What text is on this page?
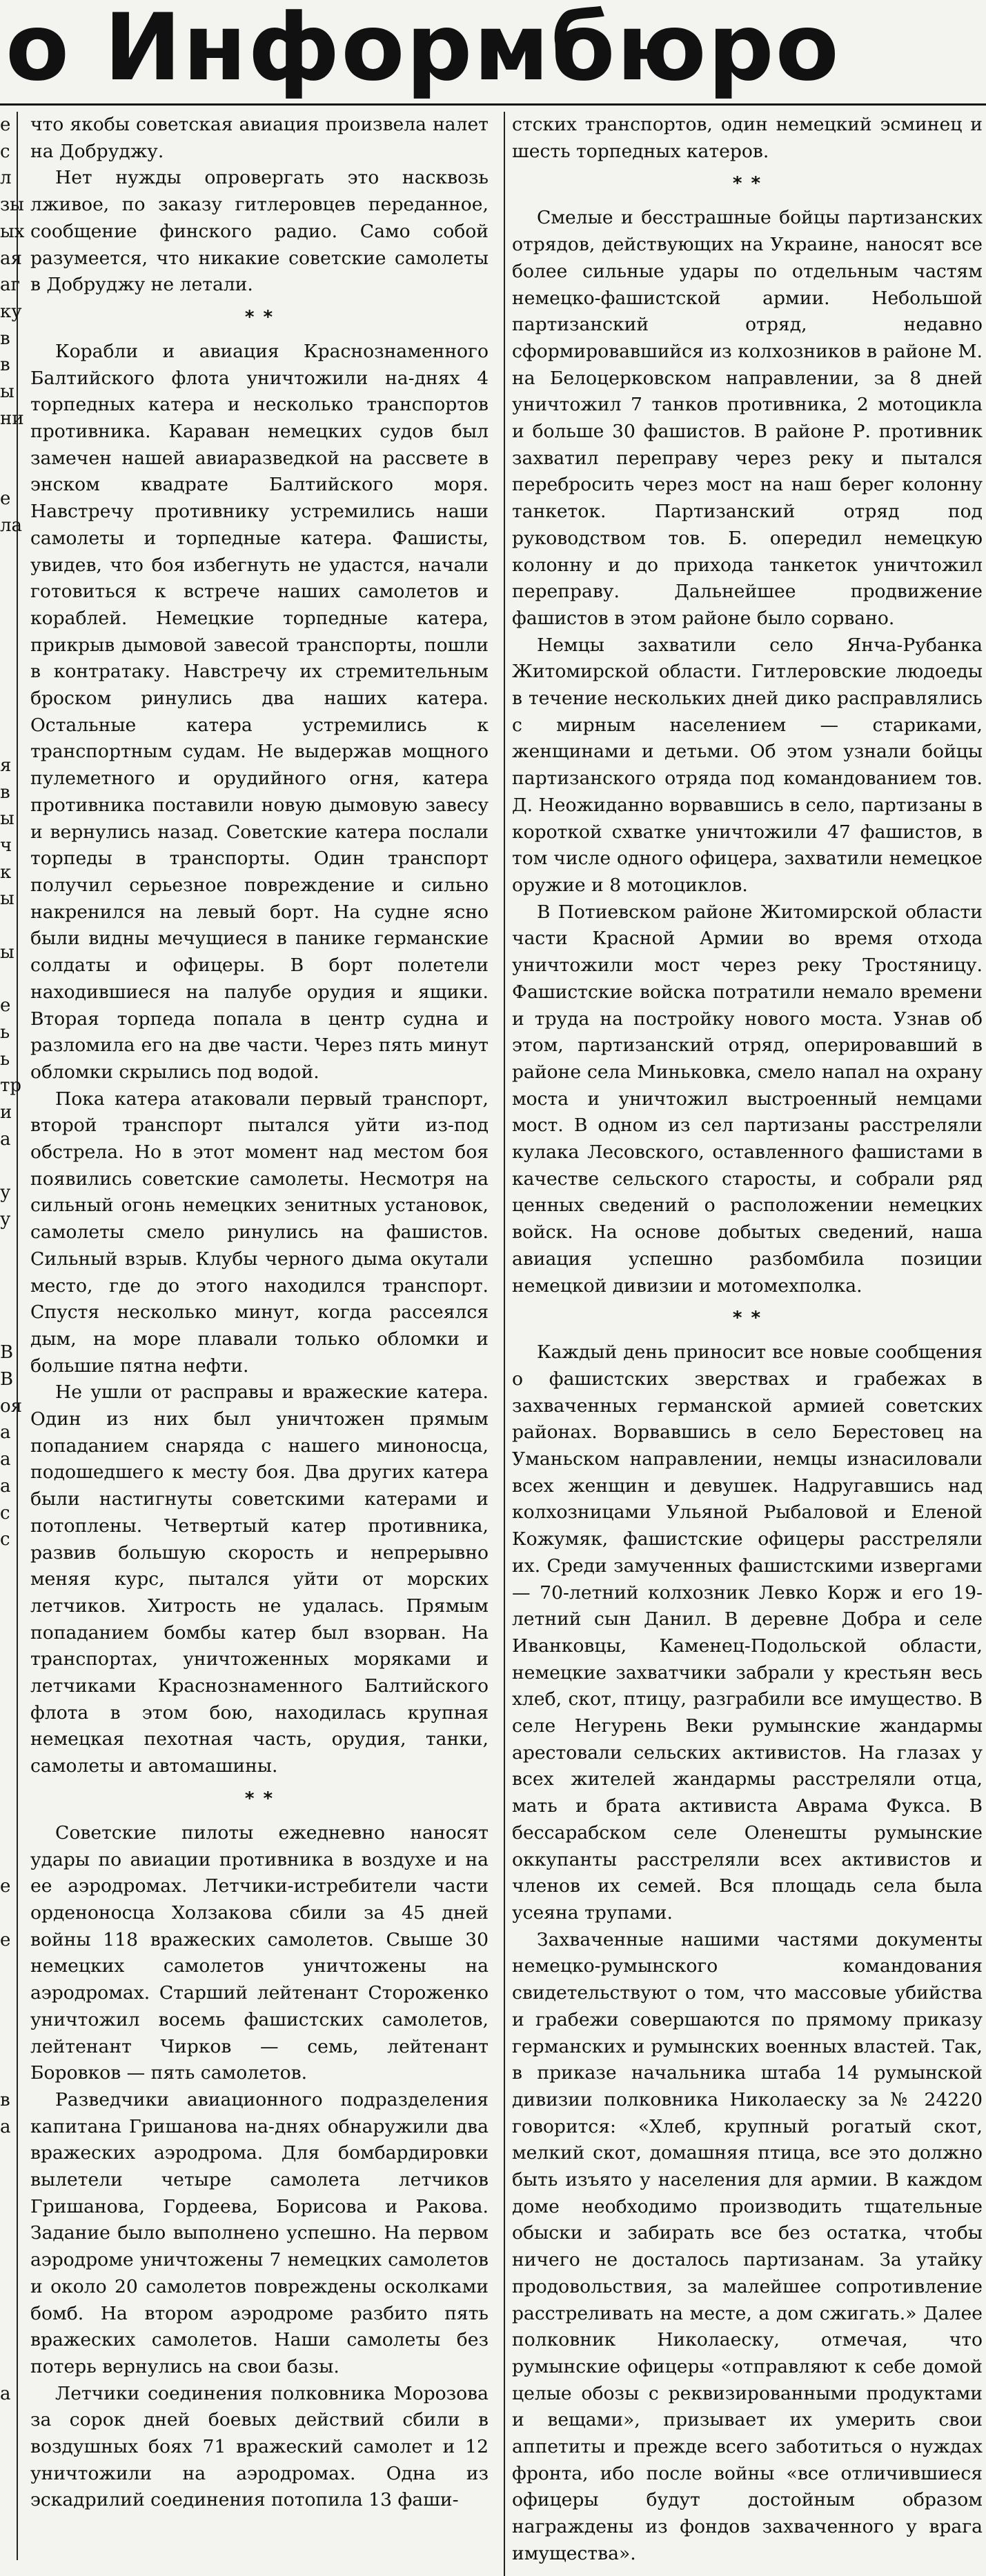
о Информбюро

е

с

л

зы

ых

ая

аг

ку

в

в

ы

ни

е

ла

я

в

ы

ч

к

ы

ы

е

ь

ь

тр

и

а

у

у

В

В

оя

а

а

а

с

с

е

е

в

а

а

что якобы советская авиация произвела налет на Добруджу.

Нет нужды опровергать это насквозь лживое, по заказу гитлеровцев переданное, сообщение финского радио. Само собой разумеется, что никакие советские самолеты в Добруджу не летали.

* *

Корабли и авиация Краснознаменного Балтийского флота уничтожили на-днях 4 торпедных катера и несколько транспортов противника. Караван немецких судов был замечен нашей авиаразведкой на рассвете в энском квадрате Балтийского моря. Навстречу противнику устремились наши самолеты и торпедные катера. Фашисты, увидев, что боя избегнуть не удастся, начали готовиться к встрече наших самолетов и кораблей. Немецкие торпедные катера, прикрыв дымовой завесой транспорты, пошли в контратаку. Навстречу их стремительным броском ринулись два наших катера. Остальные катера устремились к транспортным судам. Не выдержав мощного пулеметного и орудийного огня, катера противника поставили новую дымовую завесу и вернулись назад. Советские катера послали торпеды в транспорты. Один транспорт получил серьезное повреждение и сильно накренился на левый борт. На судне ясно были видны мечущиеся в панике германские солдаты и офицеры. В борт полетели находившиеся на палубе орудия и ящики. Вторая торпеда попала в центр судна и разломила его на две части. Через пять минут обломки скрылись под водой.

Пока катера атаковали первый транспорт, второй транспорт пытался уйти из-под обстрела. Но в этот момент над местом боя появились советские самолеты. Несмотря на сильный огонь немецких зенитных установок, самолеты смело ринулись на фашистов. Сильный взрыв. Клубы черного дыма окутали место, где до этого находился транспорт. Спустя несколько минут, когда рассеялся дым, на море плавали только обломки и большие пятна нефти.

Не ушли от расправы и вражеские катера. Один из них был уничтожен прямым попаданием снаряда с нашего миноносца, подошедшего к месту боя. Два других катера были настигнуты советскими катерами и потоплены. Четвертый катер противника, развив большую скорость и непрерывно меняя курс, пытался уйти от морских летчиков. Хитрость не удалась. Прямым попаданием бомбы катер был взорван. На транспортах, уничтоженных моряками и летчиками Краснознаменного Балтийского флота в этом бою, находилась крупная немецкая пехотная часть, орудия, танки, самолеты и автомашины.

* *

Советские пилоты ежедневно наносят удары по авиации противника в воздухе и на ее аэродромах. Летчики-истребители части орденоносца Холзакова сбили за 45 дней войны 118 вражеских самолетов. Свыше 30 немецких самолетов уничтожены на аэродромах. Старший лейтенант Стороженко уничтожил восемь фашистских самолетов, лейтенант Чирков — семь, лейтенант Боровков — пять самолетов.

Разведчики авиационного подразделения капитана Гришанова на-днях обнаружили два вражеских аэродрома. Для бомбардировки вылетели четыре самолета летчиков Гришанова, Гордеева, Борисова и Ракова. Задание было выполнено успешно. На первом аэродроме уничтожены 7 немецких самолетов и около 20 самолетов повреждены осколками бомб. На втором аэродроме разбито пять вражеских самолетов. Наши самолеты без потерь вернулись на свои базы.

Летчики соединения полковника Морозова за сорок дней боевых действий сбили в воздушных боях 71 вражеский самолет и 12 уничтожили на аэродромах. Одна из эскадрилий соединения потопила 13 фаши-

стских транспортов, один немецкий эсминец и шесть торпедных катеров.

* *

Смелые и бесстрашные бойцы партизанских отрядов, действующих на Украине, наносят все более сильные удары по отдельным частям немецко-фашистской армии. Небольшой партизанский отряд, недавно сформировавшийся из колхозников в районе М. на Белоцерковском направлении, за 8 дней уничтожил 7 танков противника, 2 мотоцикла и больше 30 фашистов. В районе Р. противник захватил переправу через реку и пытался перебросить через мост на наш берег колонну танкеток. Партизанский отряд под руководством тов. Б. опередил немецкую колонну и до прихода танкеток уничтожил переправу. Дальнейшее продвижение фашистов в этом районе было сорвано.

Немцы захватили село Янча-Рубанка Житомирской области. Гитлеровские людоеды в течение нескольких дней дико расправлялись с мирным населением — стариками, женщинами и детьми. Об этом узнали бойцы партизанского отряда под командованием тов. Д. Неожиданно ворвавшись в село, партизаны в короткой схватке уничтожили 47 фашистов, в том числе одного офицера, захватили немецкое оружие и 8 мотоциклов.

В Потиевском районе Житомирской области части Красной Армии во время отхода уничтожили мост через реку Тростяницу. Фашистские войска потратили немало времени и труда на постройку нового моста. Узнав об этом, партизанский отряд, оперировавший в районе села Миньковка, смело напал на охрану моста и уничтожил выстроенный немцами мост. В одном из сел партизаны расстреляли кулака Лесовского, оставленного фашистами в качестве сельского старосты, и собрали ряд ценных сведений о расположении немецких войск. На основе добытых сведений, наша авиация успешно разбомбила позиции немецкой дивизии и мотомехполка.

* *

Каждый день приносит все новые сообщения о фашистских зверствах и грабежах в захваченных германской армией советских районах. Ворвавшись в село Берестовец на Уманьском направлении, немцы изнасиловали всех женщин и девушек. Надругавшись над колхозницами Ульяной Рыбаловой и Еленой Кожумяк, фашистские офицеры расстреляли их. Среди замученных фашистскими извергами — 70-летний колхозник Левко Корж и его 19-летний сын Данил. В деревне Добра и селе Иванковцы, Каменец-Подольской области, немецкие захватчики забрали у крестьян весь хлеб, скот, птицу, разграбили все имущество. В селе Негурень Веки румынские жандармы арестовали сельских активистов. На глазах у всех жителей жандармы расстреляли отца, мать и брата активиста Аврама Фукса. В бессарабском селе Оленешты румынские оккупанты расстреляли всех активистов и членов их семей. Вся площадь села была усеяна трупами.

Захваченные нашими частями документы немецко-румынского командования свидетельствуют о том, что массовые убийства и грабежи совершаются по прямому приказу германских и румынских военных властей. Так, в приказе начальника штаба 14 румынской дивизии полковника Николаеску за № 24220 говорится: «Хлеб, крупный рогатый скот, мелкий скот, домашняя птица, все это должно быть изъято у населения для армии. В каждом доме необходимо производить тщательные обыски и забирать все без остатка, чтобы ничего не досталось партизанам. За утайку продовольствия, за малейшее сопротивление расстреливать на месте, а дом сжигать.» Далее полковник Николаеску, отмечая, что румынские офицеры «отправляют к себе домой целые обозы с реквизированными продуктами и вещами», призывает их умерить свои аппетиты и прежде всего заботиться о нуждах фронта, ибо после войны «все отличившиеся офицеры будут достойным образом награждены из фондов захваченного у врага имущества».
